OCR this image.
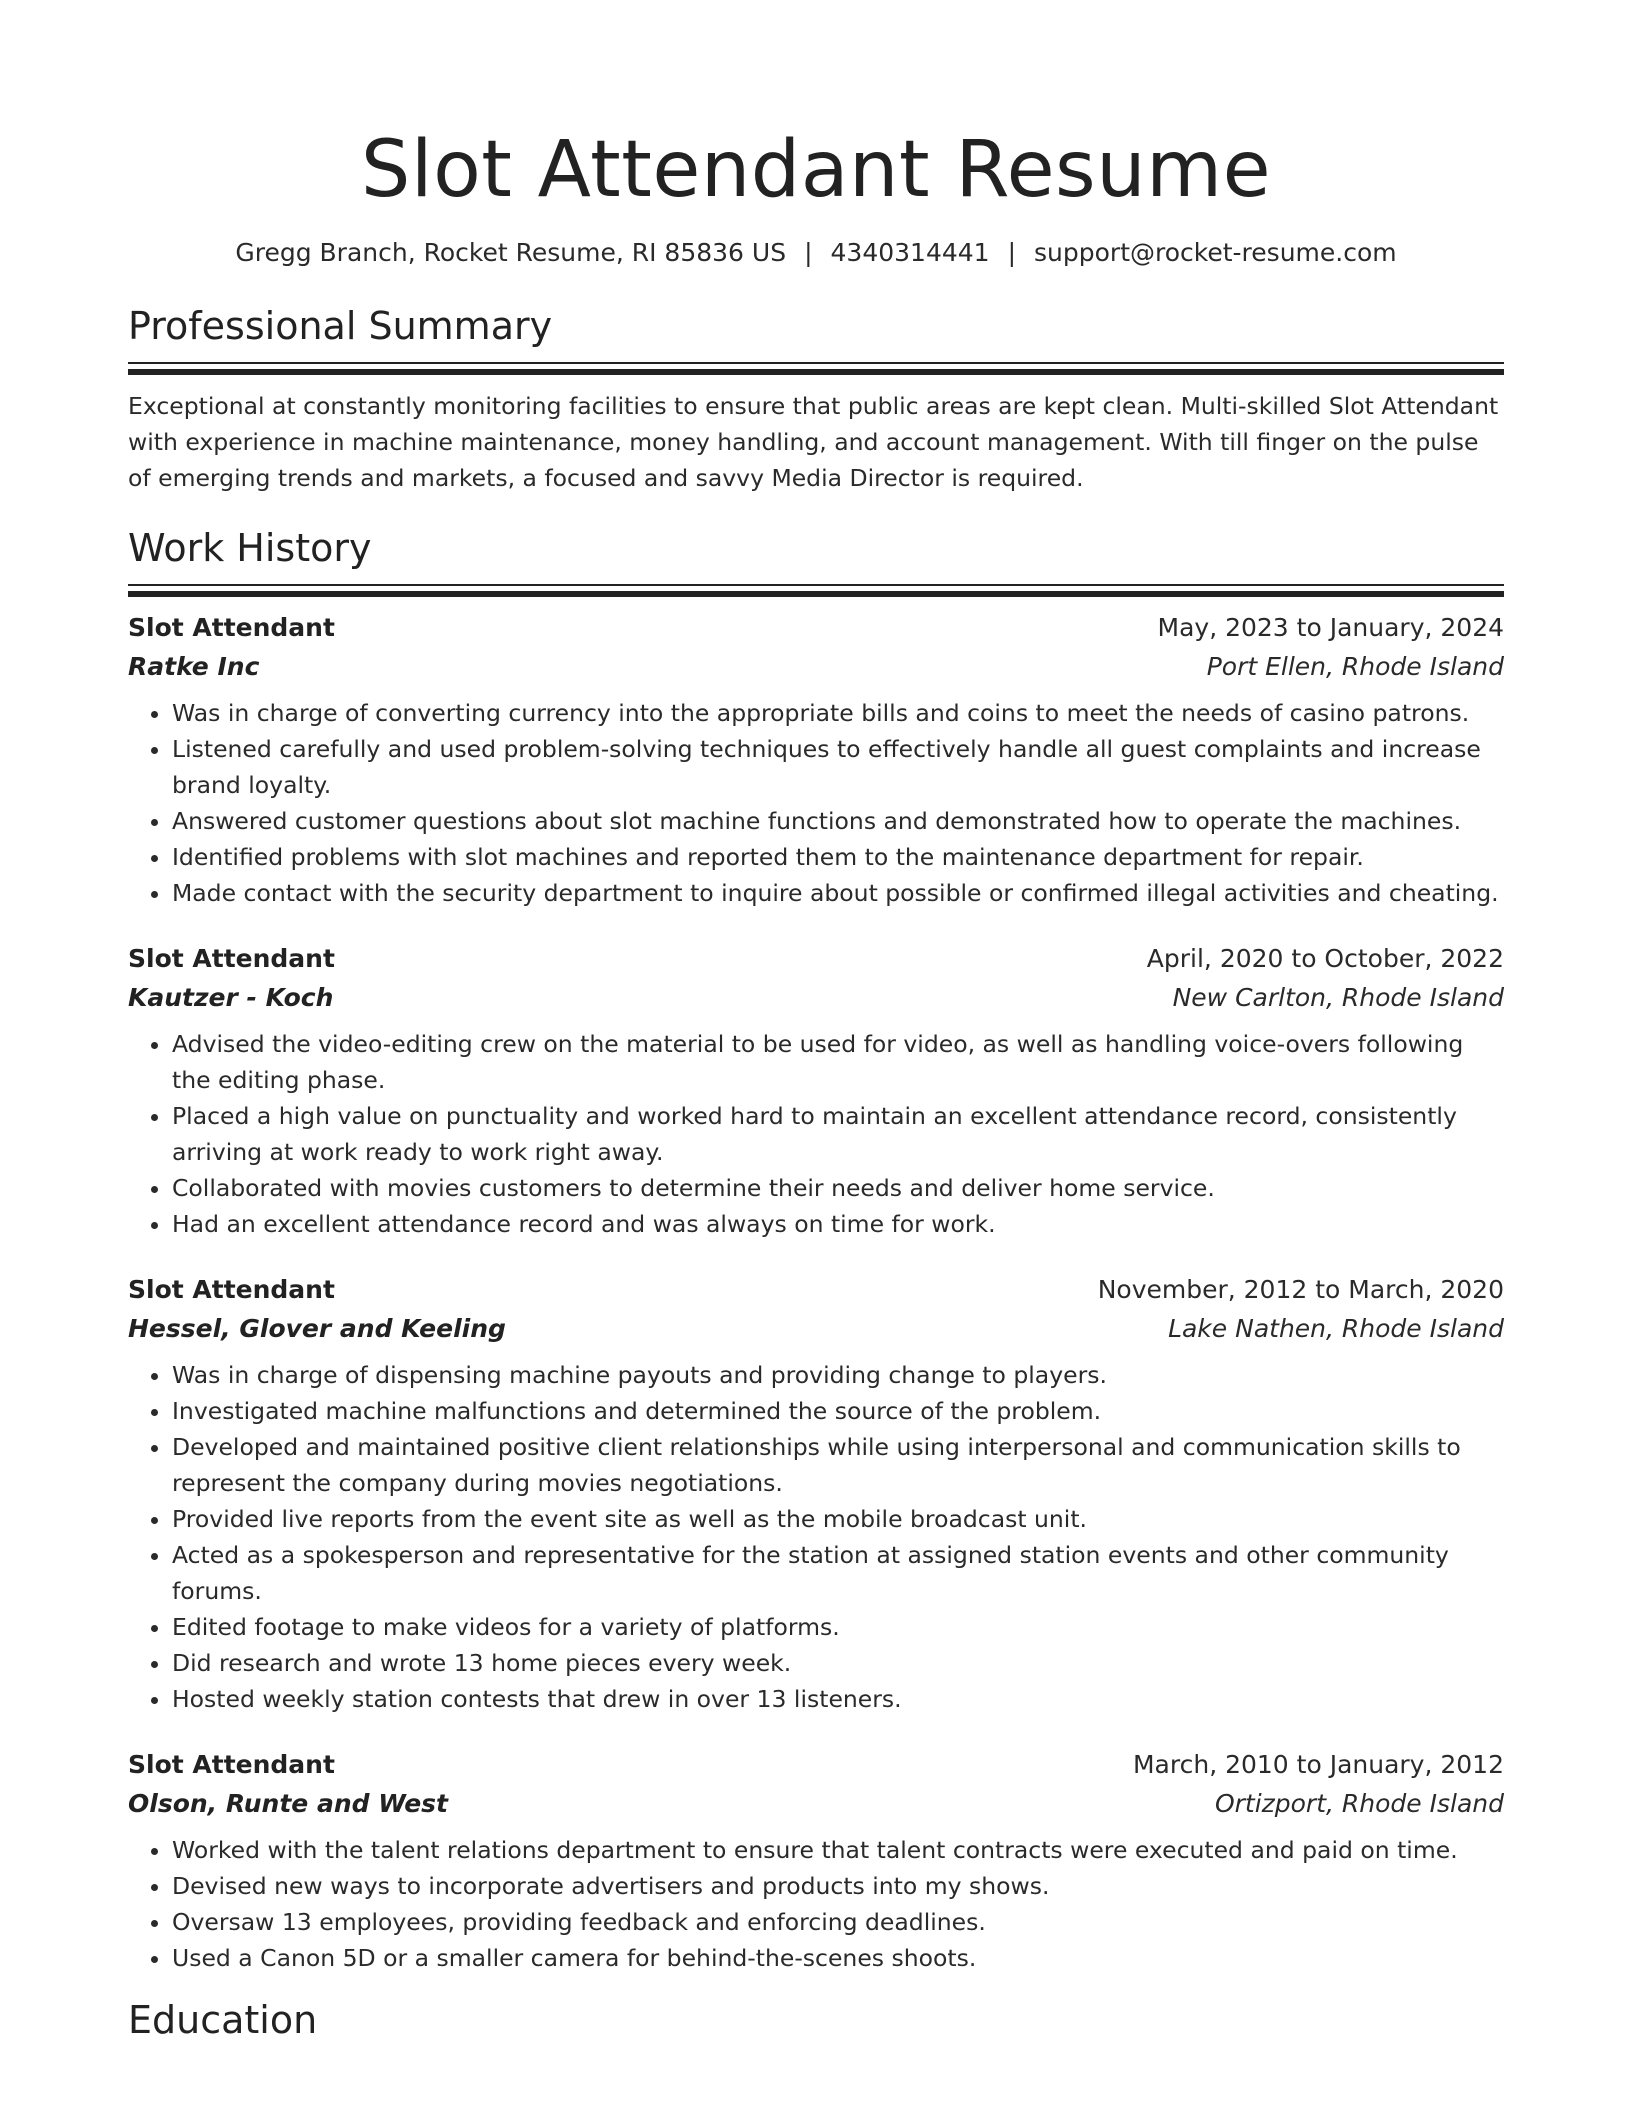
Slot Attendant Resume
Gregg Branch, Rocket Resume, RI 85836 US | 4340314441 | support@rocket-resume.com
Professional Summary

Exceptional at constantly monitoring facilities to ensure that public areas are kept clean. Multi-skilled Slot Attendant with experience in machine maintenance, money handling, and account management. With till finger on the pulse of emerging trends and markets, a focused and savvy Media Director is required.

Work History
Slot Attendant	May, 2023 to January, 2024
Ratke Inc	Port Ellen, Rhode Island
• Was in charge of converting currency into the appropriate bills and coins to meet the needs of casino patrons.
• Listened carefully and used problem-solving techniques to effectively handle all guest complaints and increase brand loyalty.
• Answered customer questions about slot machine functions and demonstrated how to operate the machines.
• Identified problems with slot machines and reported them to the maintenance department for repair.
• Made contact with the security department to inquire about possible or confirmed illegal activities and cheating.
Slot Attendant	April, 2020 to October, 2022
Kautzer - Koch	New Carlton, Rhode Island
• Advised the video-editing crew on the material to be used for video, as well as handling voice-overs following the editing phase.
• Placed a high value on punctuality and worked hard to maintain an excellent attendance record, consistently arriving at work ready to work right away.
• Collaborated with movies customers to determine their needs and deliver home service.
• Had an excellent attendance record and was always on time for work.
Slot Attendant	November, 2012 to March, 2020
Hessel, Glover and Keeling	Lake Nathen, Rhode Island
• Was in charge of dispensing machine payouts and providing change to players.
• Investigated machine malfunctions and determined the source of the problem.
• Developed and maintained positive client relationships while using interpersonal and communication skills to represent the company during movies negotiations.
• Provided live reports from the event site as well as the mobile broadcast unit.
• Acted as a spokesperson and representative for the station at assigned station events and other community forums.
• Edited footage to make videos for a variety of platforms.
• Did research and wrote 13 home pieces every week.
• Hosted weekly station contests that drew in over 13 listeners.
Slot Attendant	March, 2010 to January, 2012
Olson, Runte and West	Ortizport, Rhode Island
• Worked with the talent relations department to ensure that talent contracts were executed and paid on time.
• Devised new ways to incorporate advertisers and products into my shows.
• Oversaw 13 employees, providing feedback and enforcing deadlines.
• Used a Canon 5D or a smaller camera for behind-the-scenes shoots.
Education
